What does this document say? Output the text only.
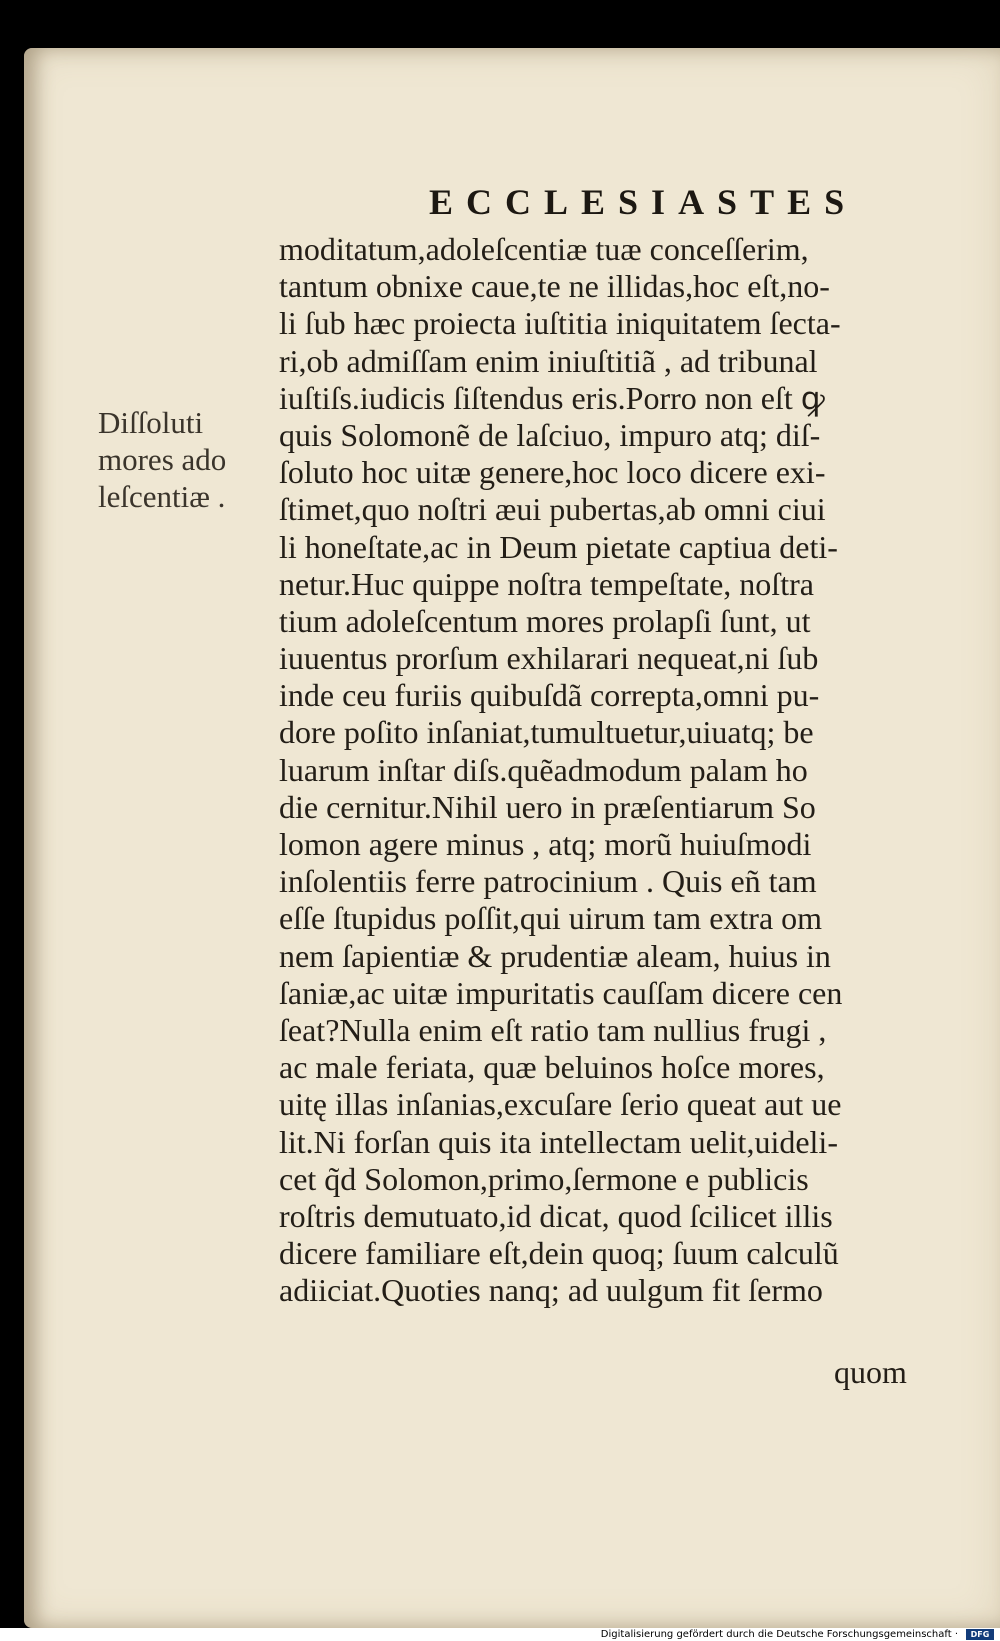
ECCLESIASTES
Diſſoluti
mores ado
leſcentiæ .
moditatum,adoleſcentiæ tuæ conceſſerim,
tantum obnixe caue,te ne illidas,hoc eſt,no-
li ſub hæc proiecta iuſtitia iniquitatem ſecta-
ri,ob admiſſam enim iniuſtitiã , ad tribunal
iuſtiſs.iudicis ſiſtendus eris.Porro non eſt ꝙ
quis Solomonẽ de laſciuo, impuro atq; diſ-
ſoluto hoc uitæ genere,hoc loco dicere exi-
ſtimet,quo noſtri æui pubertas,ab omni ciui
li honeſtate,ac in Deum pietate captiua deti-
netur.Huc quippe noſtra tempeſtate, noſtra
tium adoleſcentum mores prolapſi ſunt, ut
iuuentus prorſum exhilarari nequeat,ni ſub
inde ceu furiis quibuſdã correpta,omni pu-
dore poſito inſaniat,tumultuetur,uiuatq; be
luarum inſtar diſs.quẽadmodum palam ho
die cernitur.Nihil uero in præſentiarum So
lomon agere minus , atq; morũ huiuſmodi
inſolentiis ferre patrocinium . Quis eñ tam
eſſe ſtupidus poſſit,qui uirum tam extra om
nem ſapientiæ & prudentiæ aleam, huius in
ſaniæ,ac uitæ impuritatis cauſſam dicere cen
ſeat?Nulla enim eſt ratio tam nullius frugi ,
ac male feriata, quæ beluinos hoſce mores,
uitę illas inſanias,excuſare ſerio queat aut ue
lit.Ni forſan quis ita intellectam uelit,uideli-
cet q̃d Solomon,primo,ſermone e publicis
roſtris demutuato,id dicat, quod ſcilicet illis
dicere familiare eſt,dein quoq; ſuum calculũ
adiiciat.Quoties nanq; ad uulgum fit ſermo
quom
Digitalisierung gefördert durch die Deutsche Forschungsgemeinschaft ·	DFG
